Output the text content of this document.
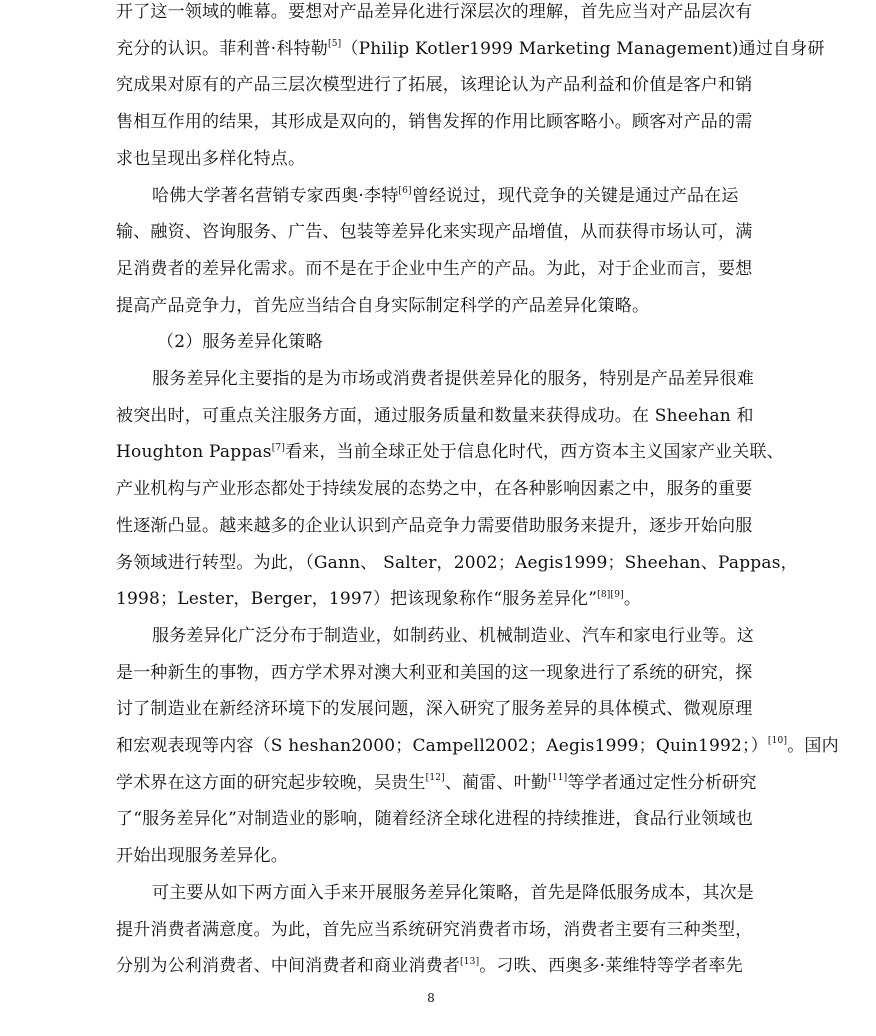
开了这一领域的帷幕。要想对产品差异化进行深层次的理解，首先应当对产品层次有
充分的认识。菲利普·科特勒[5]（Philip Kotler1999 Marketing Management)通过自身研
究成果对原有的产品三层次模型进行了拓展，该理论认为产品利益和价值是客户和销
售相互作用的结果，其形成是双向的，销售发挥的作用比顾客略小。顾客对产品的需
求也呈现出多样化特点。
哈佛大学著名营销专家西奥·李特[6]曾经说过，现代竞争的关键是通过产品在运
输、融资、咨询服务、广告、包装等差异化来实现产品增值，从而获得市场认可，满
足消费者的差异化需求。而不是在于企业中生产的产品。为此，对于企业而言，要想
提高产品竞争力，首先应当结合自身实际制定科学的产品差异化策略。
（2）服务差异化策略
服务差异化主要指的是为市场或消费者提供差异化的服务，特别是产品差异很难
被突出时，可重点关注服务方面，通过服务质量和数量来获得成功。在 Sheehan 和
Houghton Pappas[7]看来，当前全球正处于信息化时代，西方资本主义国家产业关联、
产业机构与产业形态都处于持续发展的态势之中，在各种影响因素之中，服务的重要
性逐渐凸显。越来越多的企业认识到产品竞争力需要借助服务来提升，逐步开始向服
务领域进行转型。为此，（Gann、 Salter，2002；Aegis1999；Sheehan、Pappas，
1998；Lester，Berger，1997）把该现象称作“服务差异化”[8][9]。
服务差异化广泛分布于制造业，如制药业、机械制造业、汽车和家电行业等。这
是一种新生的事物，西方学术界对澳大利亚和美国的这一现象进行了系统的研究，探
讨了制造业在新经济环境下的发展问题，深入研究了服务差异的具体模式、微观原理
和宏观表现等内容（S heshan2000；Campell2002；Aegis1999；Quin1992；）[10]。国内
学术界在这方面的研究起步较晚，吴贵生[12]、蔺雷、叶勤[11]等学者通过定性分析研究
了“服务差异化”对制造业的影响，随着经济全球化进程的持续推进，食品行业领域也
开始出现服务差异化。
可主要从如下两方面入手来开展服务差异化策略，首先是降低服务成本，其次是
提升消费者满意度。为此，首先应当系统研究消费者市场，消费者主要有三种类型，
分别为公利消费者、中间消费者和商业消费者[13]。刁昳、西奥多·莱维特等学者率先
8
